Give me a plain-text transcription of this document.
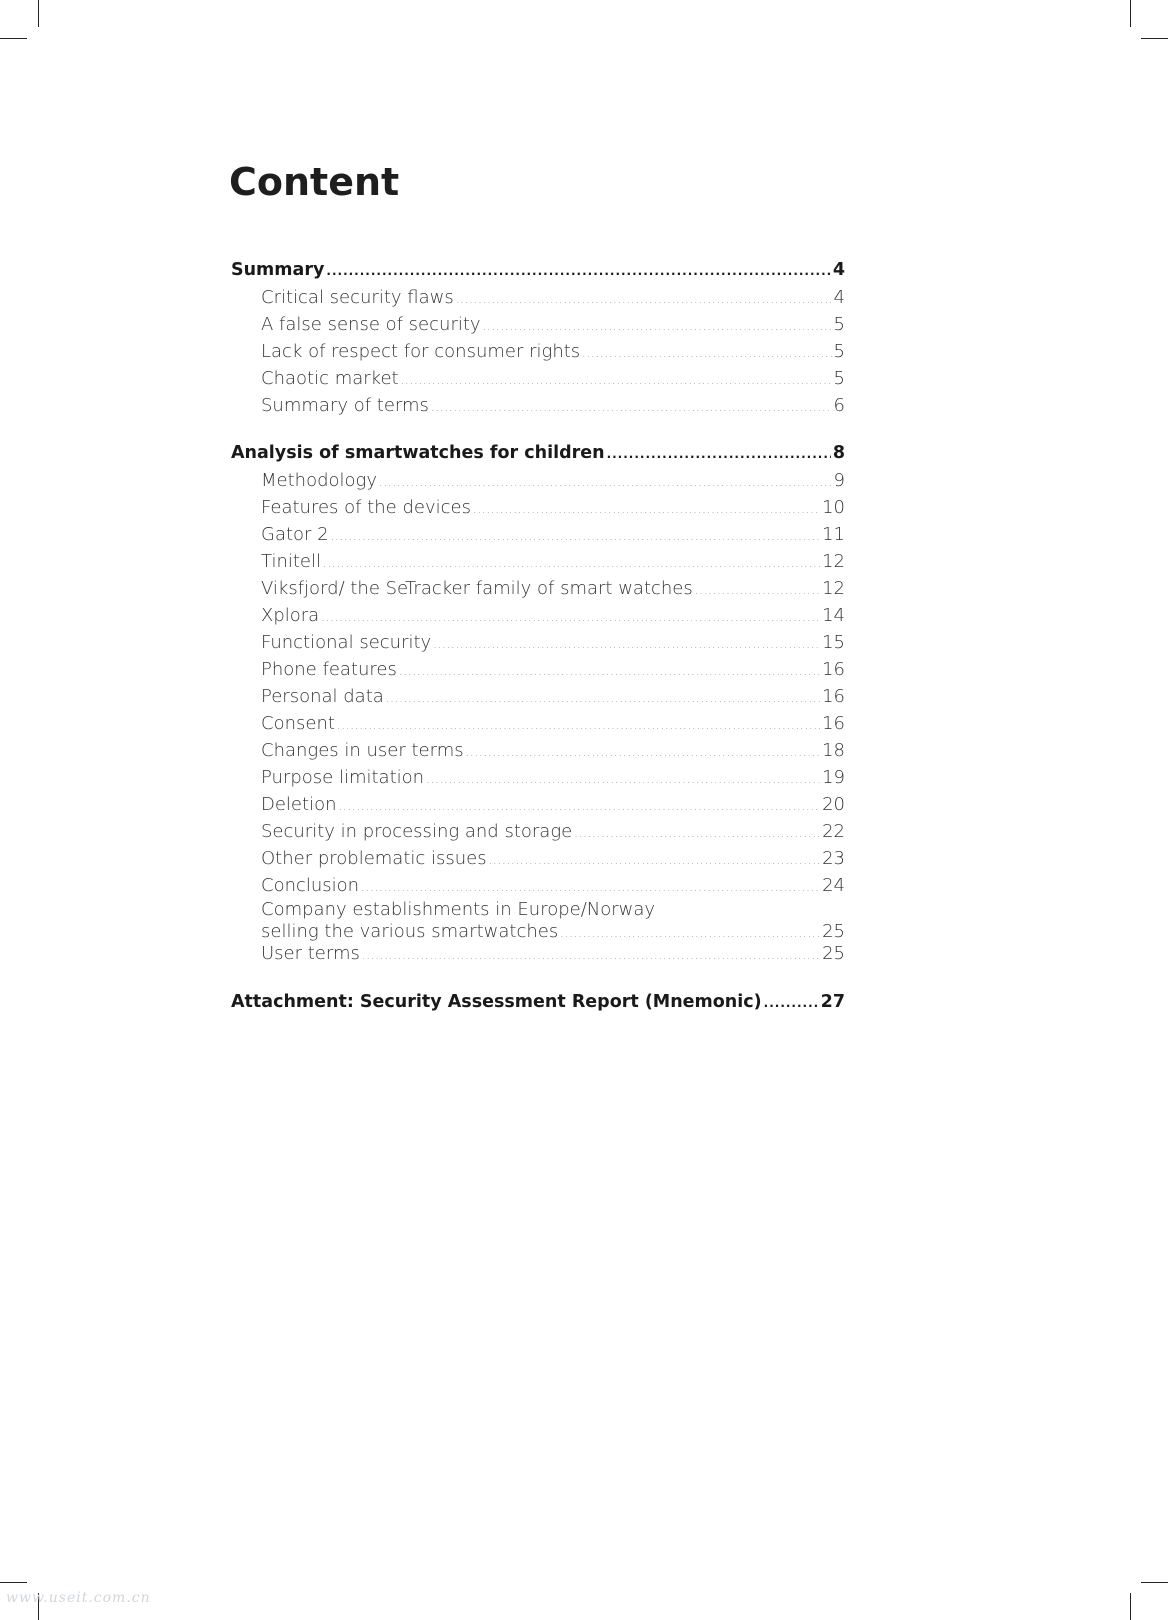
Content
Summary .....	4
Critical security flaws .....	4
A false sense of security .....	5
Lack of respect for consumer rights .....	5
Chaotic market .....	5
Summary of terms .....	6
Analysis of smartwatches for children .....	8
Methodology .....	9
Features of the devices .....	10
Gator 2 .....	11
Tinitell .....	12
Viksfjord/ the SeTracker family of smart watches .....	12
Xplora .....	14
Functional security .....	15
Phone features .....	16
Personal data .....	16
Consent .....	16
Changes in user terms .....	18
Purpose limitation .....	19
Deletion .....	20
Security in processing and storage .....	22
Other problematic issues .....	23
Conclusion .....	24
Company establishments in Europe/Norway
selling the various smartwatches .....	25
User terms .....	25
Attachment: Security Assessment Report (Mnemonic) .....	27
www.useit.com.cn
